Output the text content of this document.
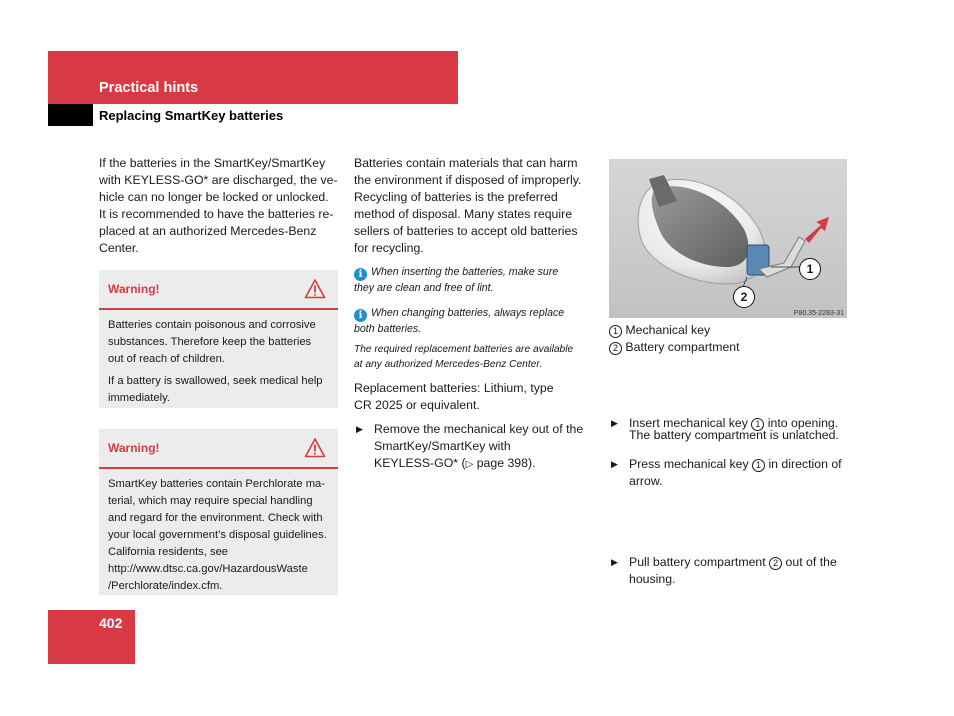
Practical hints
Replacing SmartKey batteries

If the batteries in the SmartKey/SmartKey

with KEYLESS-GO* are discharged, the ve-

hicle can no longer be locked or unlocked.

It is recommended to have the batteries re-

placed at an authorized Mercedes-Benz

Center.

Warning!

Batteries contain poisonous and corrosive
substances. Therefore keep the batteries
out of reach of children.

If a battery is swallowed, seek medical help
immediately.

Warning!

SmartKey batteries contain Perchlorate ma-
terial, which may require special handling
and regard for the environment. Check with
your local government’s disposal guidelines.
California residents, see
http://www.dtsc.ca.gov/HazardousWaste
/Perchlorate/index.cfm.

Batteries contain materials that can harm

the environment if disposed of improperly.

Recycling of batteries is the preferred

method of disposal. Many states require

sellers of batteries to accept old batteries

for recycling.

i When inserting the batteries, make sure
they are clean and free of lint.
i When changing batteries, always replace
both batteries.
The required replacement batteries are available
at any authorized Mercedes-Benz Center.

Replacement batteries: Lithium, type

CR 2025 or equivalent.

▶ Remove the mechanical key out of the

SmartKey/SmartKey with

KEYLESS-GO* (▷ page 398).

1
2
P80.35-2283-31

1 Mechanical key

2 Battery compartment

▶ Insert mechanical key 1 into opening.

▶ Press mechanical key 1 in direction of

arrow.

The battery compartment is unlatched.

▶ Pull battery compartment 2 out of the

housing.

402
